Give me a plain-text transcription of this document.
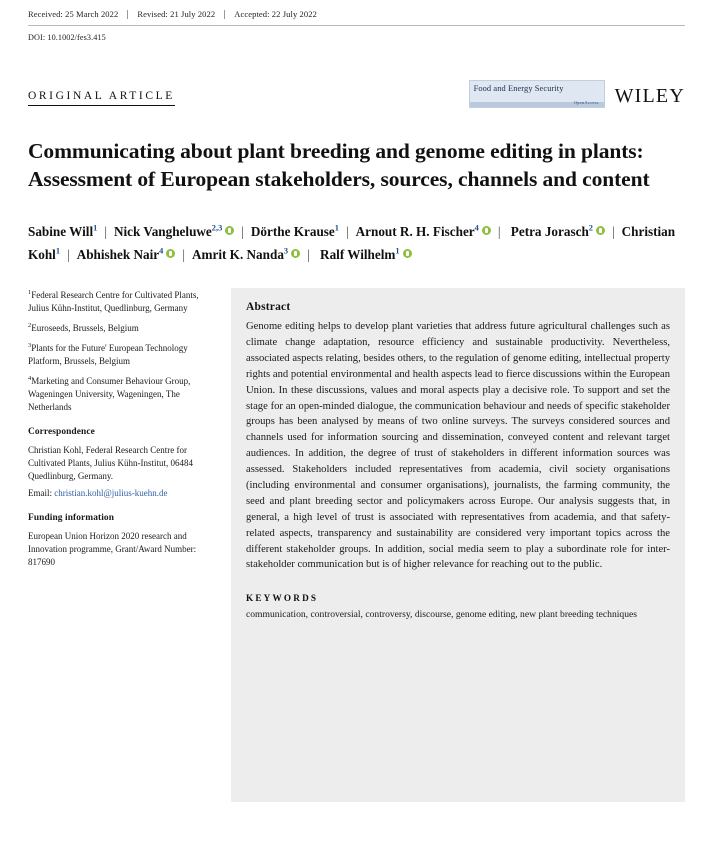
Received: 25 March 2022 Revised: 21 July 2022 Accepted: 22 July 2022
DOI: 10.1002/fes3.415
ORIGINAL ARTICLE
Food and Energy Security
OpenAccess WILEY
Communicating about plant breeding and genome editing in plants: Assessment of European stakeholders, sources, channels and content
Sabine Will$^1$ | Nick Vangheluwe$^{2,3}$ | Dörthe Krause$^1$ | Arnout R. H. Fischer$^4$ | Petra Jorasch$^2$ | Christian Kohl$^1$ | Abhishek Nair$^4$ | Amrit K. Nanda$^3$ | Ralf Wilhelm$^1$
$^1$Federal Research Centre for Cultivated Plants, Julius Kühn-Institut, Quedlinburg, Germany
$^2$Euroseeds, Brussels, Belgium
$^3$Plants for the Future' European Technology Platform, Brussels, Belgium
$^4$Marketing and Consumer Behaviour Group, Wageningen University, Wageningen, The Netherlands
Correspondence

Christian Kohl, Federal Research Centre for Cultivated Plants, Julius Kühn-Institut, 06484 Quedlinburg, Germany.

Email: christian.kohl@julius-kuehn.de

Funding information

European Union Horizon 2020 research and Innovation programme, Grant/Award Number: 817690

Abstract

Genome editing helps to develop plant varieties that address future agricultural challenges such as climate change adaptation, resource efficiency and sustainable productivity. Nevertheless, associated aspects relating, besides others, to the regulation of genome editing, intellectual property rights and potential environmental and health aspects lead to fierce discussions within the European Union. In these discussions, values and moral aspects play a decisive role. To support and set the stage for an open-minded dialogue, the communication behaviour and needs of specific stakeholder groups has been analysed by means of two online surveys. The surveys considered sources and channels used for information sourcing and dissemination, conveyed content and relevant target audiences. In addition, the degree of trust of stakeholders in different information sources was assessed. Stakeholders included representatives from academia, civil society organisations (including environmental and consumer organisations), journalists, the farming community, the seed and plant breeding sector and policymakers across Europe. Our analysis suggests that, in general, a high level of trust is associated with representatives from academia, and that safety-related aspects, transparency and sustainability are considered very important topics across the different stakeholder groups. In addition, social media seem to play a subordinate role for inter-stakeholder communication but is of higher relevance for reaching out to the public.

KEYWORDS
communication, controversial, controversy, discourse, genome editing, new plant breeding techniques
